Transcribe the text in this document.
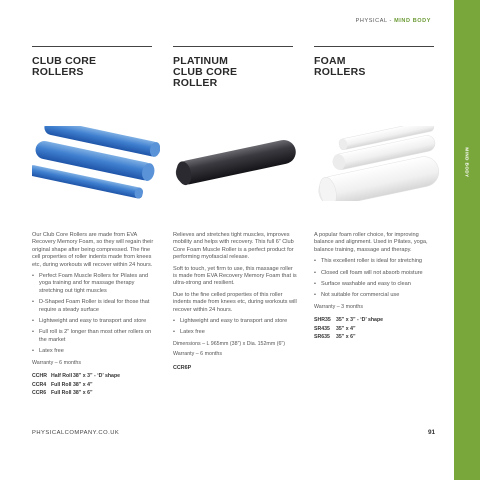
PHYSICAL - MIND BODY
MIND BODY
CLUB CORE
ROLLERS

Our Club Core Rollers are made from EVA Recovery Memory Foam, so they will regain their original shape after being compressed. The fine cell properties of roller indents made from knees etc, during workouts will recover within 24 hours.

• Perfect Foam Muscle Rollers for Pilates and yoga training and for massage therapy stretching out tight muscles
• D-Shaped Foam Roller is ideal for those that require a steady surface
• Lightweight and easy to transport and store
• Full roll is 2” longer than most other rollers on the market
• Latex free
Warranty – 6 months
CCHR	Half Roll	38” x 3” - ‘D’ shape
CCR4	Full Roll	38” x 4”
CCR6	Full Roll	38” x 6”
PLATINUM
CLUB CORE
ROLLER

Relieves and stretches tight muscles, improves mobility and helps with recovery. This full 6” Club Core Foam Muscle Roller is a perfect product for performing myofascial release.

Soft to touch, yet firm to use, this massage roller is made from EVA Recovery Memory Foam that is ultra-strong and resilient.

Due to the fine celled properties of this roller indents made from knees etc, during workouts will recover within 24 hours.

• Lightweight and easy to transport and store
• Latex free
Dimensions – L 965mm (38”) x Dia. 152mm (6”)
Warranty – 6 months
CCR6P
FOAM
ROLLERS

A popular foam roller choice, for improving balance and alignment. Used in Pilates, yoga, balance training, massage and therapy.

• This excellent roller is ideal for stretching
• Closed cell foam will not absorb moisture
• Surface washable and easy to clean
• Not suitable for commercial use
Warranty – 3 months
SHR35	35” x 3” - ‘D’ shape
SR435	35” x 4”
SR635	35” x 6”
PHYSICALCOMPANY.CO.UK	91
